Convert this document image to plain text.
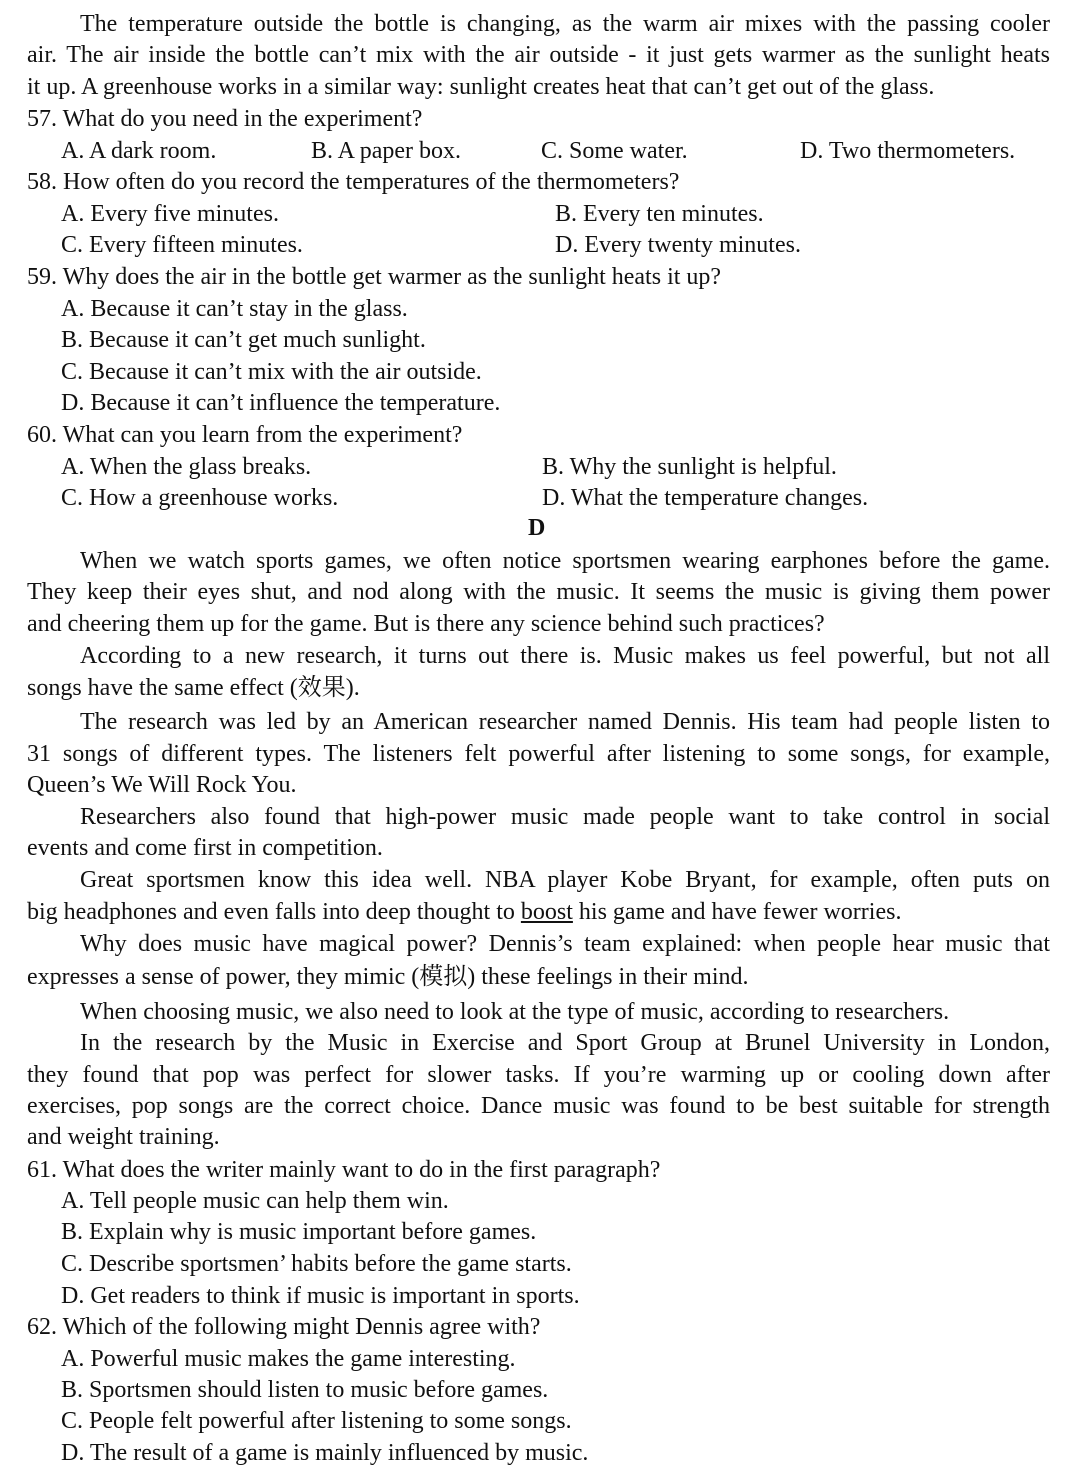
The temperature outside the bottle is changing, as the warm air mixes with the passing cooler
air. The air inside the bottle can’t mix with the air outside - it just gets warmer as the sunlight heats
it up. A greenhouse works in a similar way: sunlight creates heat that can’t get out of the glass.
57. What do you need in the experiment?
A. A dark room.	B. A paper box.	C. Some water.	D. Two thermometers.
58. How often do you record the temperatures of the thermometers?
A. Every five minutes.	B. Every ten minutes.
C. Every fifteen minutes.	D. Every twenty minutes.
59. Why does the air in the bottle get warmer as the sunlight heats it up?
A. Because it can’t stay in the glass.
B. Because it can’t get much sunlight.
C. Because it can’t mix with the air outside.
D. Because it can’t influence the temperature.
60. What can you learn from the experiment?
A. When the glass breaks.	B. Why the sunlight is helpful.
C. How a greenhouse works.	D. What the temperature changes.
D
When we watch sports games, we often notice sportsmen wearing earphones before the game.
They keep their eyes shut, and nod along with the music. It seems the music is giving them power
and cheering them up for the game. But is there any science behind such practices?
According to a new research, it turns out there is. Music makes us feel powerful, but not all
songs have the same effect (效果).
The research was led by an American researcher named Dennis. His team had people listen to
31 songs of different types. The listeners felt powerful after listening to some songs, for example,
Queen’s We Will Rock You.
Researchers also found that high-power music made people want to take control in social
events and come first in competition.
Great sportsmen know this idea well. NBA player Kobe Bryant, for example, often puts on
big headphones and even falls into deep thought to boost his game and have fewer worries.
Why does music have magical power? Dennis’s team explained: when people hear music that
expresses a sense of power, they mimic (模拟) these feelings in their mind.
When choosing music, we also need to look at the type of music, according to researchers.
In the research by the Music in Exercise and Sport Group at Brunel University in London,
they found that pop was perfect for slower tasks. If you’re warming up or cooling down after
exercises, pop songs are the correct choice. Dance music was found to be best suitable for strength
and weight training.
61. What does the writer mainly want to do in the first paragraph?
A. Tell people music can help them win.
B. Explain why is music important before games.
C. Describe sportsmen’ habits before the game starts.
D. Get readers to think if music is important in sports.
62. Which of the following might Dennis agree with?
A. Powerful music makes the game interesting.
B. Sportsmen should listen to music before games.
C. People felt powerful after listening to some songs.
D. The result of a game is mainly influenced by music.
